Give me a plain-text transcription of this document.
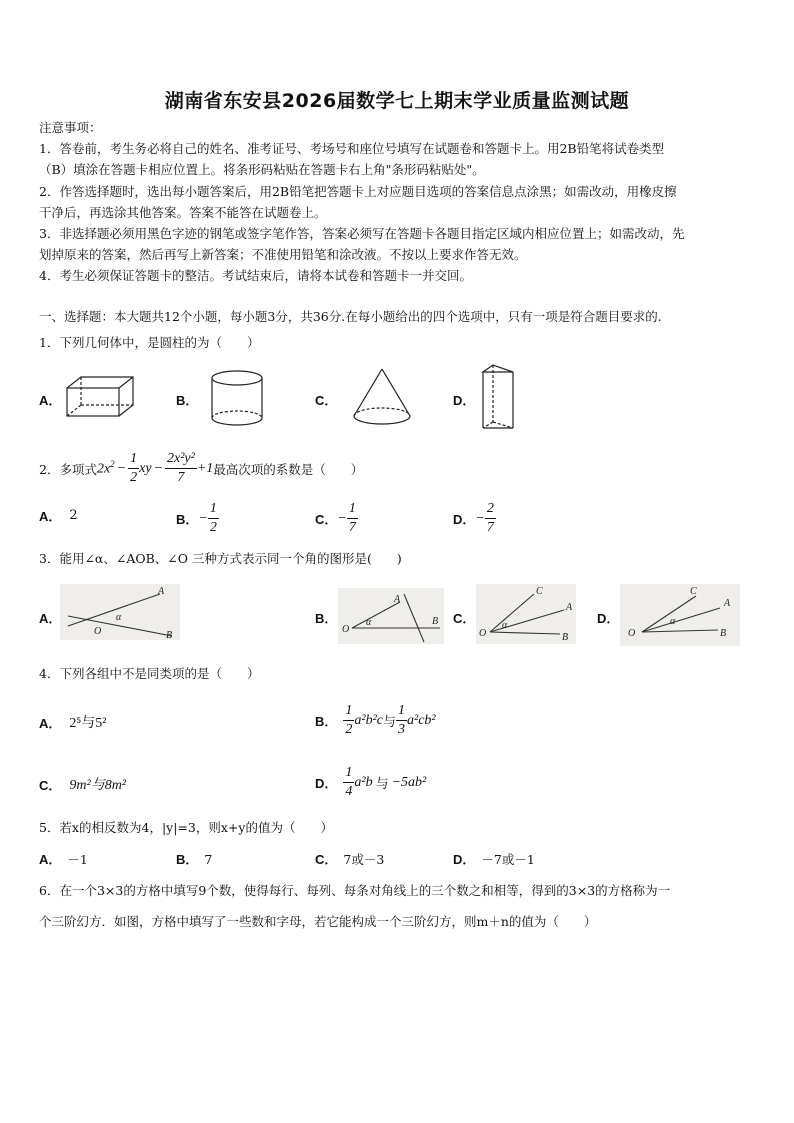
湖南省东安县2026届数学七上期末学业质量监测试题
注意事项：
1．答卷前，考生务必将自己的姓名、准考证号、考场号和座位号填写在试题卷和答题卡上。用2B铅笔将试卷类型
（B）填涂在答题卡相应位置上。将条形码粘贴在答题卡右上角"条形码粘贴处"。
2．作答选择题时，选出每小题答案后，用2B铅笔把答题卡上对应题目选项的答案信息点涂黑；如需改动，用橡皮擦
干净后，再选涂其他答案。答案不能答在试题卷上。
3．非选择题必须用黑色字迹的钢笔或签字笔作答，答案必须写在答题卡各题目指定区域内相应位置上；如需改动，先
划掉原来的答案，然后再写上新答案；不准使用铅笔和涂改液。不按以上要求作答无效。
4．考生必须保证答题卡的整洁。考试结束后，请将本试卷和答题卡一并交回。
一、选择题：本大题共12个小题，每小题3分，共36分.在每小题给出的四个选项中，只有一项是符合题目要求的.
1．下列几何体中，是圆柱的为（　　）
A．	B．	C．	D．
2．多项式 $2x^2 - \frac{1}{2}$ xy − $\frac{\text{2x²y²}}{7} +1$ 最高次项的系数是（　　）
A． 2	B． − $\frac{1}{2}$	C． − $\frac{1}{7}$	D． − $\frac{2}{7}$
3．能用∠α、∠AOB、∠O 三种方式表示同一个角的图形是(　　)
A．
A
O
α
B
B．
O
α
A
B C．
O
α
C
A
B
D．
O
α
C
A
B
4．下列各组中不是同类项的是（　　）
A． 2⁵与5²	B． $\frac{1}{2} a^2b^2c$ 与 $\frac{1}{3} a^2cb^2$
C． 9m²与8m²	D． $\frac{1}{4} a^2b$ 与 −5ab²
5．若x的相反数为4，|y|=3，则x+y的值为（　　）
A． －1	B． 7	C． 7或－3	D． －7或－1
6．在一个3×3的方格中填写9个数，使得每行、每列、每条对角线上的三个数之和相等，得到的3×3的方格称为一
个三阶幻方．如图，方格中填写了一些数和字母，若它能构成一个三阶幻方，则m＋n的值为（　　）
